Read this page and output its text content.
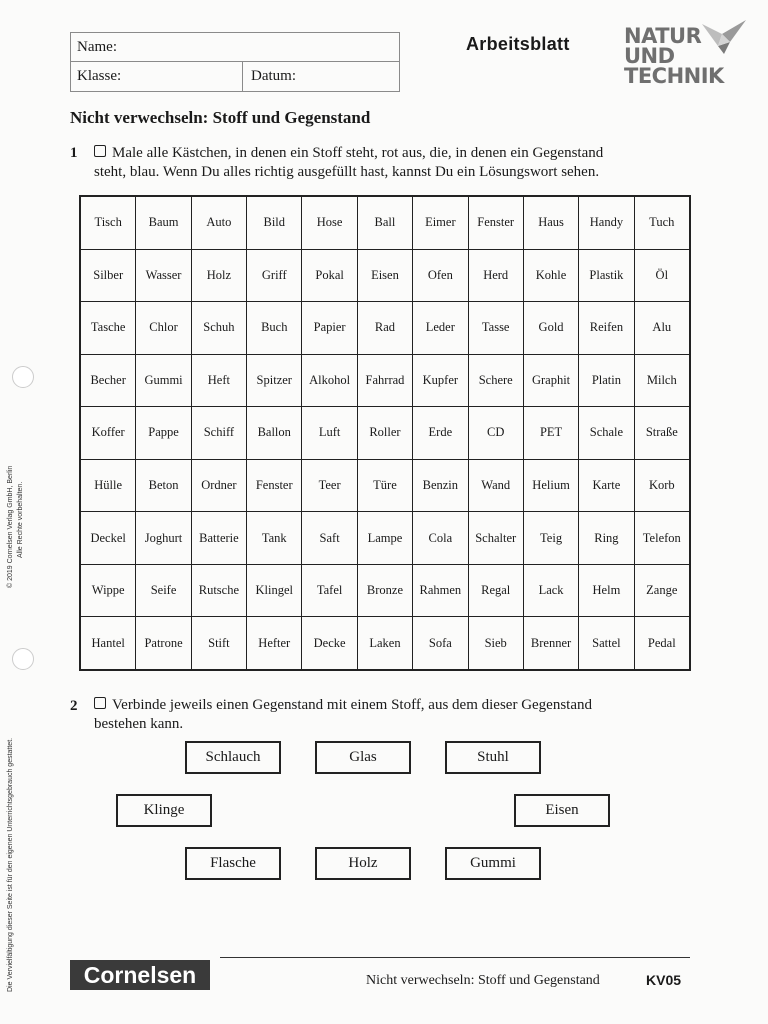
Name:
Klasse:	Datum:
Arbeitsblatt	NATUR
UND
TECHNIK
Nicht verwechseln: Stoff und Gegenstand
1	Male alle Kästchen, in denen ein Stoff steht, rot aus, die, in denen ein Gegenstand
steht, blau. Wenn Du alles richtig ausgefüllt hast, kannst Du ein Lösungswort sehen.
Tisch	Baum	Auto	Bild	Hose	Ball	Eimer	Fenster	Haus	Handy	Tuch
Silber	Wasser	Holz	Griff	Pokal	Eisen	Ofen	Herd	Kohle	Plastik	Öl
Tasche	Chlor	Schuh	Buch	Papier	Rad	Leder	Tasse	Gold	Reifen	Alu
Becher	Gummi	Heft	Spitzer	Alkohol	Fahrrad	Kupfer	Schere	Graphit	Platin	Milch
Koffer	Pappe	Schiff	Ballon	Luft	Roller	Erde	CD	PET	Schale	Straße
Hülle	Beton	Ordner	Fenster	Teer	Türe	Benzin	Wand	Helium	Karte	Korb
Deckel	Joghurt	Batterie	Tank	Saft	Lampe	Cola	Schalter	Teig	Ring	Telefon
Wippe	Seife	Rutsche	Klingel	Tafel	Bronze	Rahmen	Regal	Lack	Helm	Zange
Hantel	Patrone	Stift	Hefter	Decke	Laken	Sofa	Sieb	Brenner	Sattel	Pedal
2	Verbinde jeweils einen Gegenstand mit einem Stoff, aus dem dieser Gegenstand
bestehen kann.
Schlauch	Glas	Stuhl
Klinge	Eisen
Flasche	Holz	Gummi
Cornelsen	Nicht verwechseln: Stoff und Gegenstand	KV05
© 2019 Cornelsen Verlag GmbH, Berlin Alle Rechte vorbehalten.
Die Vervielfältigung dieser Seite ist für den eigenen Unterrichtsgebrauch gestattet.
